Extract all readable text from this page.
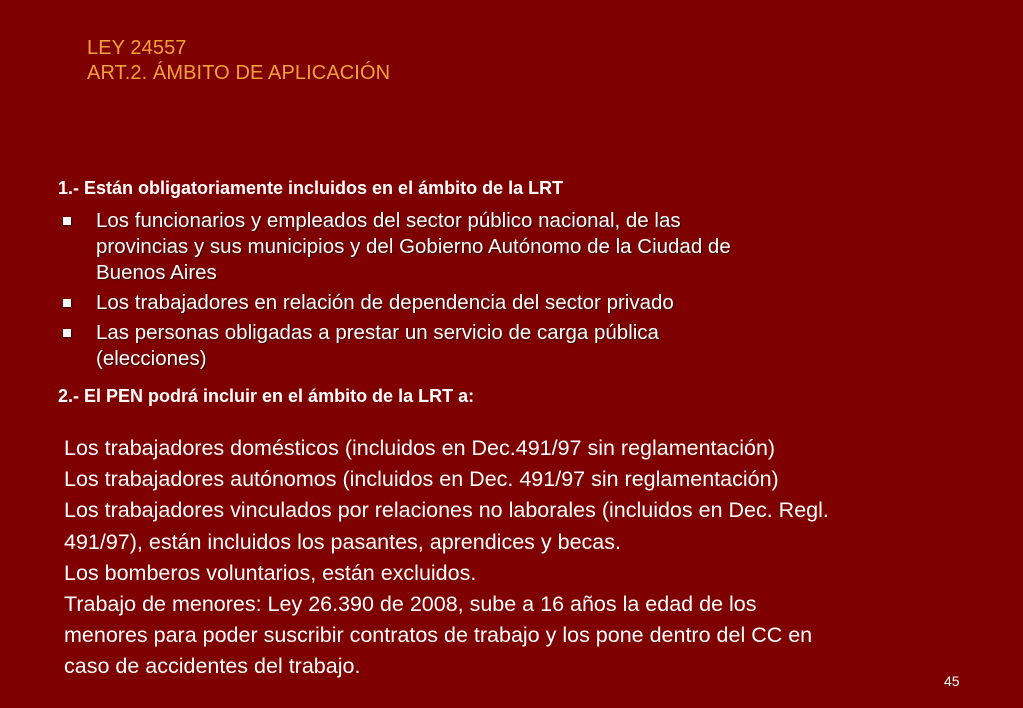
LEY 24557
ART.2. ÁMBITO DE APLICACIÓN
1.- Están obligatoriamente incluidos en el ámbito de la LRT
Los funcionarios y empleados del sector público nacional, de las
provincias y sus municipios y del Gobierno Autónomo de la Ciudad de
Buenos Aires
Los trabajadores en relación de dependencia del sector privado
Las personas obligadas a prestar un servicio de carga pública
(elecciones)
2.- El PEN podrá incluir en el ámbito de la LRT a:
Los trabajadores domésticos (incluidos en Dec.491/97 sin reglamentación)
Los trabajadores autónomos (incluidos en Dec. 491/97 sin reglamentación)
Los trabajadores vinculados por relaciones no laborales (incluidos en Dec. Regl.
491/97), están incluidos los pasantes, aprendices y becas.
Los bomberos voluntarios, están excluidos.
Trabajo de menores: Ley 26.390 de 2008, sube a 16 años la edad de los
menores para poder suscribir contratos de trabajo y los pone dentro del CC en
caso de accidentes del trabajo.
45
